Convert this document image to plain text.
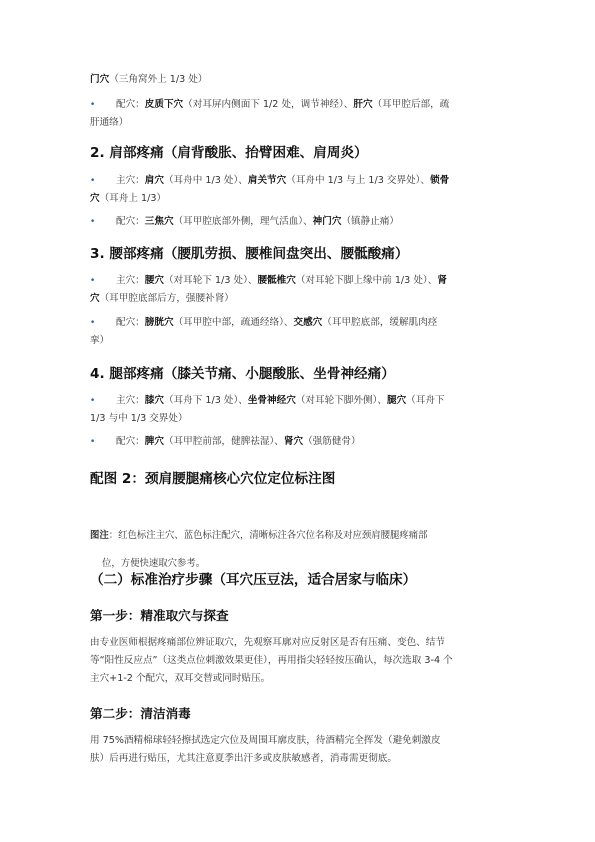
门穴（三角窝外上 1/3 处）

• 配穴：皮质下穴（对耳屏内侧面下 1/2 处，调节神经）、肝穴（耳甲腔后部，疏

肝通络）

2. 肩部疼痛（肩背酸胀、抬臂困难、肩周炎）

• 主穴：肩穴（耳舟中 1/3 处）、肩关节穴（耳舟中 1/3 与上 1/3 交界处）、锁骨

穴（耳舟上 1/3）

• 配穴：三焦穴（耳甲腔底部外侧，理气活血）、神门穴（镇静止痛）

3. 腰部疼痛（腰肌劳损、腰椎间盘突出、腰骶酸痛）

• 主穴：腰穴（对耳轮下 1/3 处）、腰骶椎穴（对耳轮下脚上缘中前 1/3 处）、肾

穴（耳甲腔底部后方，强腰补肾）

• 配穴：膀胱穴（耳甲腔中部，疏通经络）、交感穴（耳甲腔底部，缓解肌肉痉

挛）

4. 腿部疼痛（膝关节痛、小腿酸胀、坐骨神经痛）

• 主穴：膝穴（耳舟下 1/3 处）、坐骨神经穴（对耳轮下脚外侧）、腿穴（耳舟下

1/3 与中 1/3 交界处）

• 配穴：脾穴（耳甲腔前部，健脾祛湿）、肾穴（强筋健骨）

配图 2：颈肩腰腿痛核心穴位定位标注图

图注：红色标注主穴、蓝色标注配穴，清晰标注各穴位名称及对应颈肩腰腿疼痛部

位，方便快速取穴参考。

（二）标准治疗步骤（耳穴压豆法，适合居家与临床）

第一步：精准取穴与探查

由专业医师根据疼痛部位辨证取穴，先观察耳廓对应反射区是否有压痛、变色、结节

等“阳性反应点”（这类点位刺激效果更佳），再用指尖轻轻按压确认，每次选取 3-4 个

主穴+1-2 个配穴，双耳交替或同时贴压。

第二步：清洁消毒

用 75%酒精棉球轻轻擦拭选定穴位及周围耳廓皮肤，待酒精完全挥发（避免刺激皮

肤）后再进行贴压，尤其注意夏季出汗多或皮肤敏感者，消毒需更彻底。
